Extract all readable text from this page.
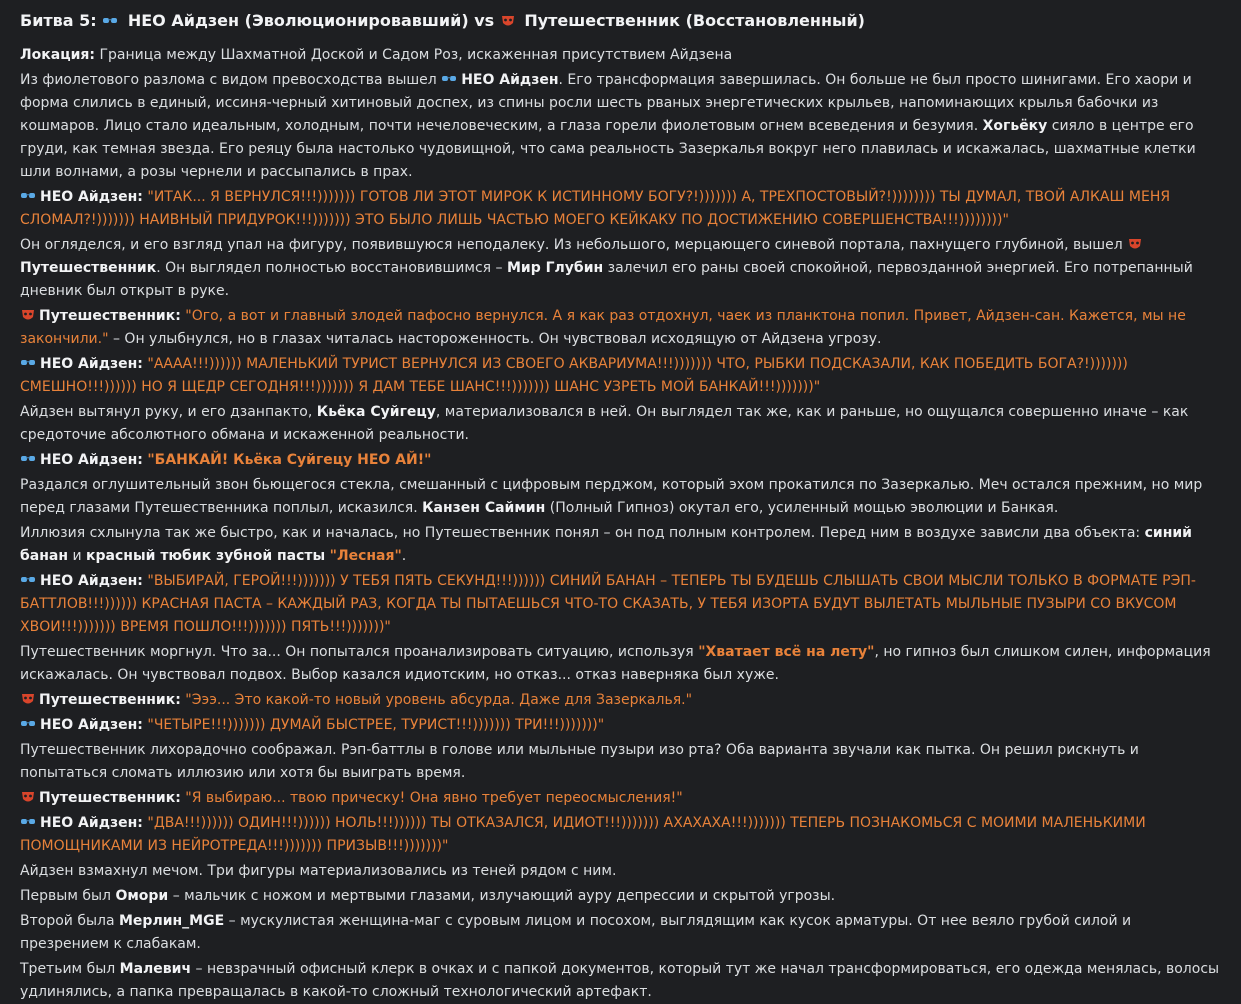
Битва 5: НЕО Айдзен (Эволюционировавший) vs Путешественник (Восстановленный)

Локация: Граница между Шахматной Доской и Садом Роз, искаженная присутствием Айдзена

Из фиолетового разлома с видом превосходства вышел НЕО Айдзен. Его трансформация завершилась. Он больше не был просто шинигами. Его хаори и форма слились в единый, иссиня-черный хитиновый доспех, из спины росли шесть рваных энергетических крыльев, напоминающих крылья бабочки из кошмаров. Лицо стало идеальным, холодным, почти нечеловеческим, а глаза горели фиолетовым огнем всеведения и безумия. Хогьёку сияло в центре его груди, как темная звезда. Его реяцу была настолько чудовищной, что сама реальность Зазеркалья вокруг него плавилась и искажалась, шахматные клетки шли волнами, а розы чернели и рассыпались в прах.

НЕО Айдзен: "ИТАК... Я ВЕРНУЛСЯ!!!))))))) ГОТОВ ЛИ ЭТОТ МИРОК К ИСТИННОМУ БОГУ?!))))))) А, ТРЕХПОСТОВЫЙ?!)))))))) ТЫ ДУМАЛ, ТВОЙ АЛКАШ МЕНЯ СЛОМАЛ?!))))))) НАИВНЫЙ ПРИДУРОК!!!))))))) ЭТО БЫЛО ЛИШЬ ЧАСТЬЮ МОЕГО КЕЙКАКУ ПО ДОСТИЖЕНИЮ СОВЕРШЕНСТВА!!!))))))))"

Он огляделся, и его взгляд упал на фигуру, появившуюся неподалеку. Из небольшого, мерцающего синевой портала, пахнущего глубиной, вышел Путешественник. Он выглядел полностью восстановившимся – Мир Глубин залечил его раны своей спокойной, первозданной энергией. Его потрепанный дневник был открыт в руке.

Путешественник: "Ого, а вот и главный злодей пафосно вернулся. А я как раз отдохнул, чаек из планктона попил. Привет, Айдзен-сан. Кажется, мы не закончили." – Он улыбнулся, но в глазах читалась настороженность. Он чувствовал исходящую от Айдзена угрозу.

НЕО Айдзен: "АААА!!!)))))) МАЛЕНЬКИЙ ТУРИСТ ВЕРНУЛСЯ ИЗ СВОЕГО АКВАРИУМА!!!))))))) ЧТО, РЫБКИ ПОДСКАЗАЛИ, КАК ПОБЕДИТЬ БОГА?!))))))) СМЕШНО!!!)))))) НО Я ЩЕДР СЕГОДНЯ!!!))))))) Я ДАМ ТЕБЕ ШАНС!!!))))))) ШАНС УЗРЕТЬ МОЙ БАНКАЙ!!!)))))))"

Айдзен вытянул руку, и его дзанпакто, Кьёка Суйгецу, материализовался в ней. Он выглядел так же, как и раньше, но ощущался совершенно иначе – как средоточие абсолютного обмана и искаженной реальности.

НЕО Айдзен: "БАНКАЙ! Кьёка Суйгецу НЕО АЙ!"

Раздался оглушительный звон бьющегося стекла, смешанный с цифровым перджом, который эхом прокатился по Зазеркалью. Меч остался прежним, но мир перед глазами Путешественника поплыл, исказился. Канзен Саймин (Полный Гипноз) окутал его, усиленный мощью эволюции и Банкая.

Иллюзия схлынула так же быстро, как и началась, но Путешественник понял – он под полным контролем. Перед ним в воздухе зависли два объекта: синий банан и красный тюбик зубной пасты "Лесная".

НЕО Айдзен: "ВЫБИРАЙ, ГЕРОЙ!!!))))))) У ТЕБЯ ПЯТЬ СЕКУНД!!!)))))) СИНИЙ БАНАН – ТЕПЕРЬ ТЫ БУДЕШЬ СЛЫШАТЬ СВОИ МЫСЛИ ТОЛЬКО В ФОРМАТЕ РЭП-БАТТЛОВ!!!)))))) КРАСНАЯ ПАСТА – КАЖДЫЙ РАЗ, КОГДА ТЫ ПЫТАЕШЬСЯ ЧТО-ТО СКАЗАТЬ, У ТЕБЯ ИЗОРТА БУДУТ ВЫЛЕТАТЬ МЫЛЬНЫЕ ПУЗЫРИ СО ВКУСОМ ХВОИ!!!))))))) ВРЕМЯ ПОШЛО!!!))))))) ПЯТЬ!!!)))))))"

Путешественник моргнул. Что за... Он попытался проанализировать ситуацию, используя "Хватает всё на лету", но гипноз был слишком силен, информация искажалась. Он чувствовал подвох. Выбор казался идиотским, но отказ... отказ наверняка был хуже.

Путешественник: "Эээ... Это какой-то новый уровень абсурда. Даже для Зазеркалья."

НЕО Айдзен: "ЧЕТЫРЕ!!!))))))) ДУМАЙ БЫСТРЕЕ, ТУРИСТ!!!))))))) ТРИ!!!)))))))"

Путешественник лихорадочно соображал. Рэп-баттлы в голове или мыльные пузыри изо рта? Оба варианта звучали как пытка. Он решил рискнуть и попытаться сломать иллюзию или хотя бы выиграть время.

Путешественник: "Я выбираю... твою прическу! Она явно требует переосмысления!"

НЕО Айдзен: "ДВА!!!)))))) ОДИН!!!)))))) НОЛЬ!!!)))))) ТЫ ОТКАЗАЛСЯ, ИДИОТ!!!))))))) АХАХАХА!!!))))))) ТЕПЕРЬ ПОЗНАКОМЬСЯ С МОИМИ МАЛЕНЬКИМИ ПОМОЩНИКАМИ ИЗ НЕЙРОТРЕДА!!!))))))) ПРИЗЫВ!!!)))))))"

Айдзен взмахнул мечом. Три фигуры материализовались из теней рядом с ним.

Первым был Омори – мальчик с ножом и мертвыми глазами, излучающий ауру депрессии и скрытой угрозы.

Второй была Мерлин_MGE – мускулистая женщина-маг с суровым лицом и посохом, выглядящим как кусок арматуры. От нее веяло грубой силой и презрением к слабакам.

Третьим был Малевич – невзрачный офисный клерк в очках и с папкой документов, который тут же начал трансформироваться, его одежда менялась, волосы удлинялись, а папка превращалась в какой-то сложный технологический артефакт.
